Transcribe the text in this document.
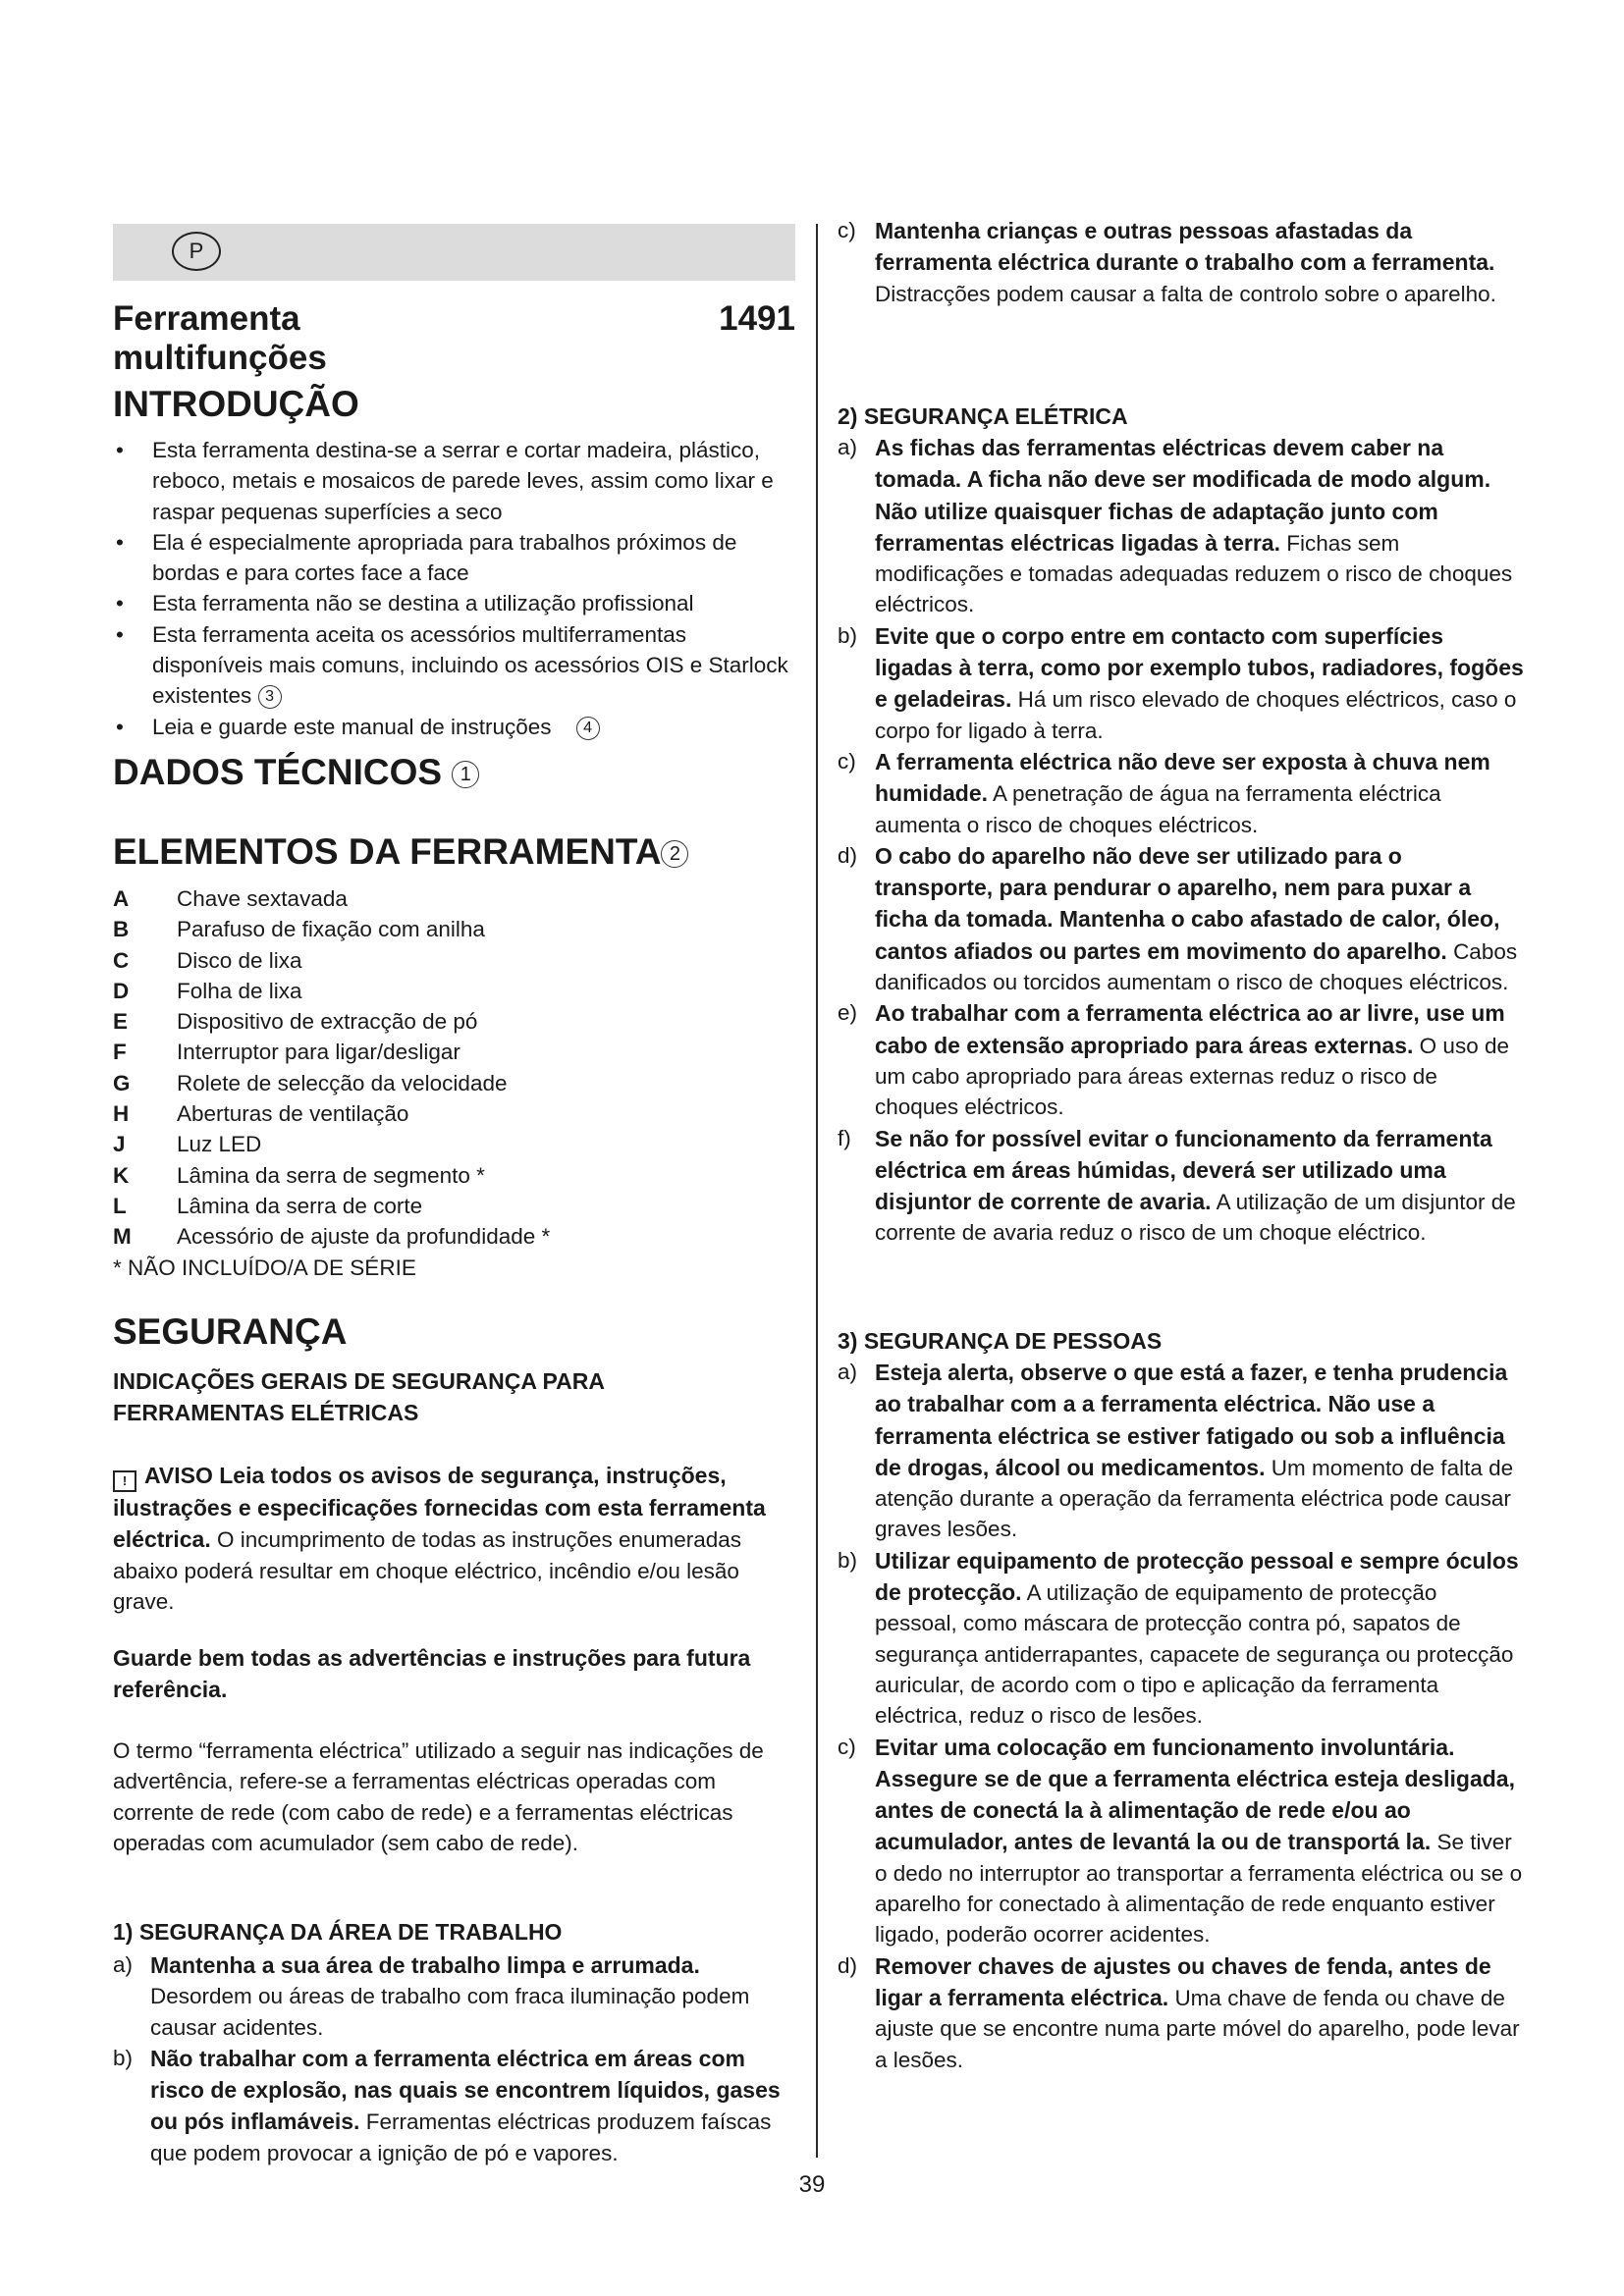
P
Ferramenta
multifunções
1491
INTRODUÇÃO
• Esta ferramenta destina-se a serrar e cortar madeira, plástico, reboco, metais e mosaicos de parede leves, assim como lixar e raspar pequenas superfícies a seco
• Ela é especialmente apropriada para trabalhos próximos de bordas e para cortes face a face
• Esta ferramenta não se destina a utilização profissional
• Esta ferramenta aceita os acessórios multiferramentas disponíveis mais comuns, incluindo os acessórios OIS e Starlock existentes 3
• Leia e guarde este manual de instruções 4
DADOS TÉCNICOS 1
ELEMENTOS DA FERRAMENTA 2
A	Chave sextavada
B	Parafuso de fixação com anilha
C	Disco de lixa
D	Folha de lixa
E	Dispositivo de extracção de pó
F	Interruptor para ligar/desligar
G	Rolete de selecção da velocidade
H	Aberturas de ventilação
J	Luz LED
K	Lâmina da serra de segmento *
L	Lâmina da serra de corte
M	Acessório de ajuste da profundidade *
* NÃO INCLUÍDO/A DE SÉRIE
SEGURANÇA
INDICAÇÕES GERAIS DE SEGURANÇA PARA FERRAMENTAS ELÉTRICAS
! AVISO Leia todos os avisos de segurança, instruções, ilustrações e especificações fornecidas com esta ferramenta eléctrica. O incumprimento de todas as instruções enumeradas abaixo poderá resultar em choque eléctrico, incêndio e/ou lesão grave.
Guarde bem todas as advertências e instruções para futura referência.
O termo “ferramenta eléctrica” utilizado a seguir nas indicações de advertência, refere-se a ferramentas eléctricas operadas com corrente de rede (com cabo de rede) e a ferramentas eléctricas operadas com acumulador (sem cabo de rede).
1) SEGURANÇA DA ÁREA DE TRABALHO
a) Mantenha a sua área de trabalho limpa e arrumada. Desordem ou áreas de trabalho com fraca iluminação podem causar acidentes.
b) Não trabalhar com a ferramenta eléctrica em áreas com risco de explosão, nas quais se encontrem líquidos, gases ou pós inflamáveis. Ferramentas eléctricas produzem faíscas que podem provocar a ignição de pó e vapores.
c) Mantenha crianças e outras pessoas afastadas da ferramenta eléctrica durante o trabalho com a ferramenta. Distracções podem causar a falta de controlo sobre o aparelho.
2) SEGURANÇA ELÉTRICA
a) As fichas das ferramentas eléctricas devem caber na tomada. A ficha não deve ser modificada de modo algum. Não utilize quaisquer fichas de adaptação junto com ferramentas eléctricas ligadas à terra. Fichas sem modificações e tomadas adequadas reduzem o risco de choques eléctricos.
b) Evite que o corpo entre em contacto com superfícies ligadas à terra, como por exemplo tubos, radiadores, fogões e geladeiras. Há um risco elevado de choques eléctricos, caso o corpo for ligado à terra.
c) A ferramenta eléctrica não deve ser exposta à chuva nem humidade. A penetração de água na ferramenta eléctrica aumenta o risco de choques eléctricos.
d) O cabo do aparelho não deve ser utilizado para o transporte, para pendurar o aparelho, nem para puxar a ficha da tomada. Mantenha o cabo afastado de calor, óleo, cantos afiados ou partes em movimento do aparelho. Cabos danificados ou torcidos aumentam o risco de choques eléctricos.
e) Ao trabalhar com a ferramenta eléctrica ao ar livre, use um cabo de extensão apropriado para áreas externas. O uso de um cabo apropriado para áreas externas reduz o risco de choques eléctricos.
f) Se não for possível evitar o funcionamento da ferramenta eléctrica em áreas húmidas, deverá ser utilizado uma disjuntor de corrente de avaria. A utilização de um disjuntor de corrente de avaria reduz o risco de um choque eléctrico.
3) SEGURANÇA DE PESSOAS
a) Esteja alerta, observe o que está a fazer, e tenha prudencia ao trabalhar com a a ferramenta eléctrica. Não use a ferramenta eléctrica se estiver fatigado ou sob a influência de drogas, álcool ou medicamentos. Um momento de falta de atenção durante a operação da ferramenta eléctrica pode causar graves lesões.
b) Utilizar equipamento de protecção pessoal e sempre óculos de protecção. A utilização de equipamento de protecção pessoal, como máscara de protecção contra pó, sapatos de segurança antiderrapantes, capacete de segurança ou protecção auricular, de acordo com o tipo e aplicação da ferramenta eléctrica, reduz o risco de lesões.
c) Evitar uma colocação em funcionamento involuntária. Assegure se de que a ferramenta eléctrica esteja desligada, antes de conectá la à alimentação de rede e/ou ao acumulador, antes de levantá la ou de transportá la. Se tiver o dedo no interruptor ao transportar a ferramenta eléctrica ou se o aparelho for conectado à alimentação de rede enquanto estiver ligado, poderão ocorrer acidentes.
d) Remover chaves de ajustes ou chaves de fenda, antes de ligar a ferramenta eléctrica. Uma chave de fenda ou chave de ajuste que se encontre numa parte móvel do aparelho, pode levar a lesões.
39
